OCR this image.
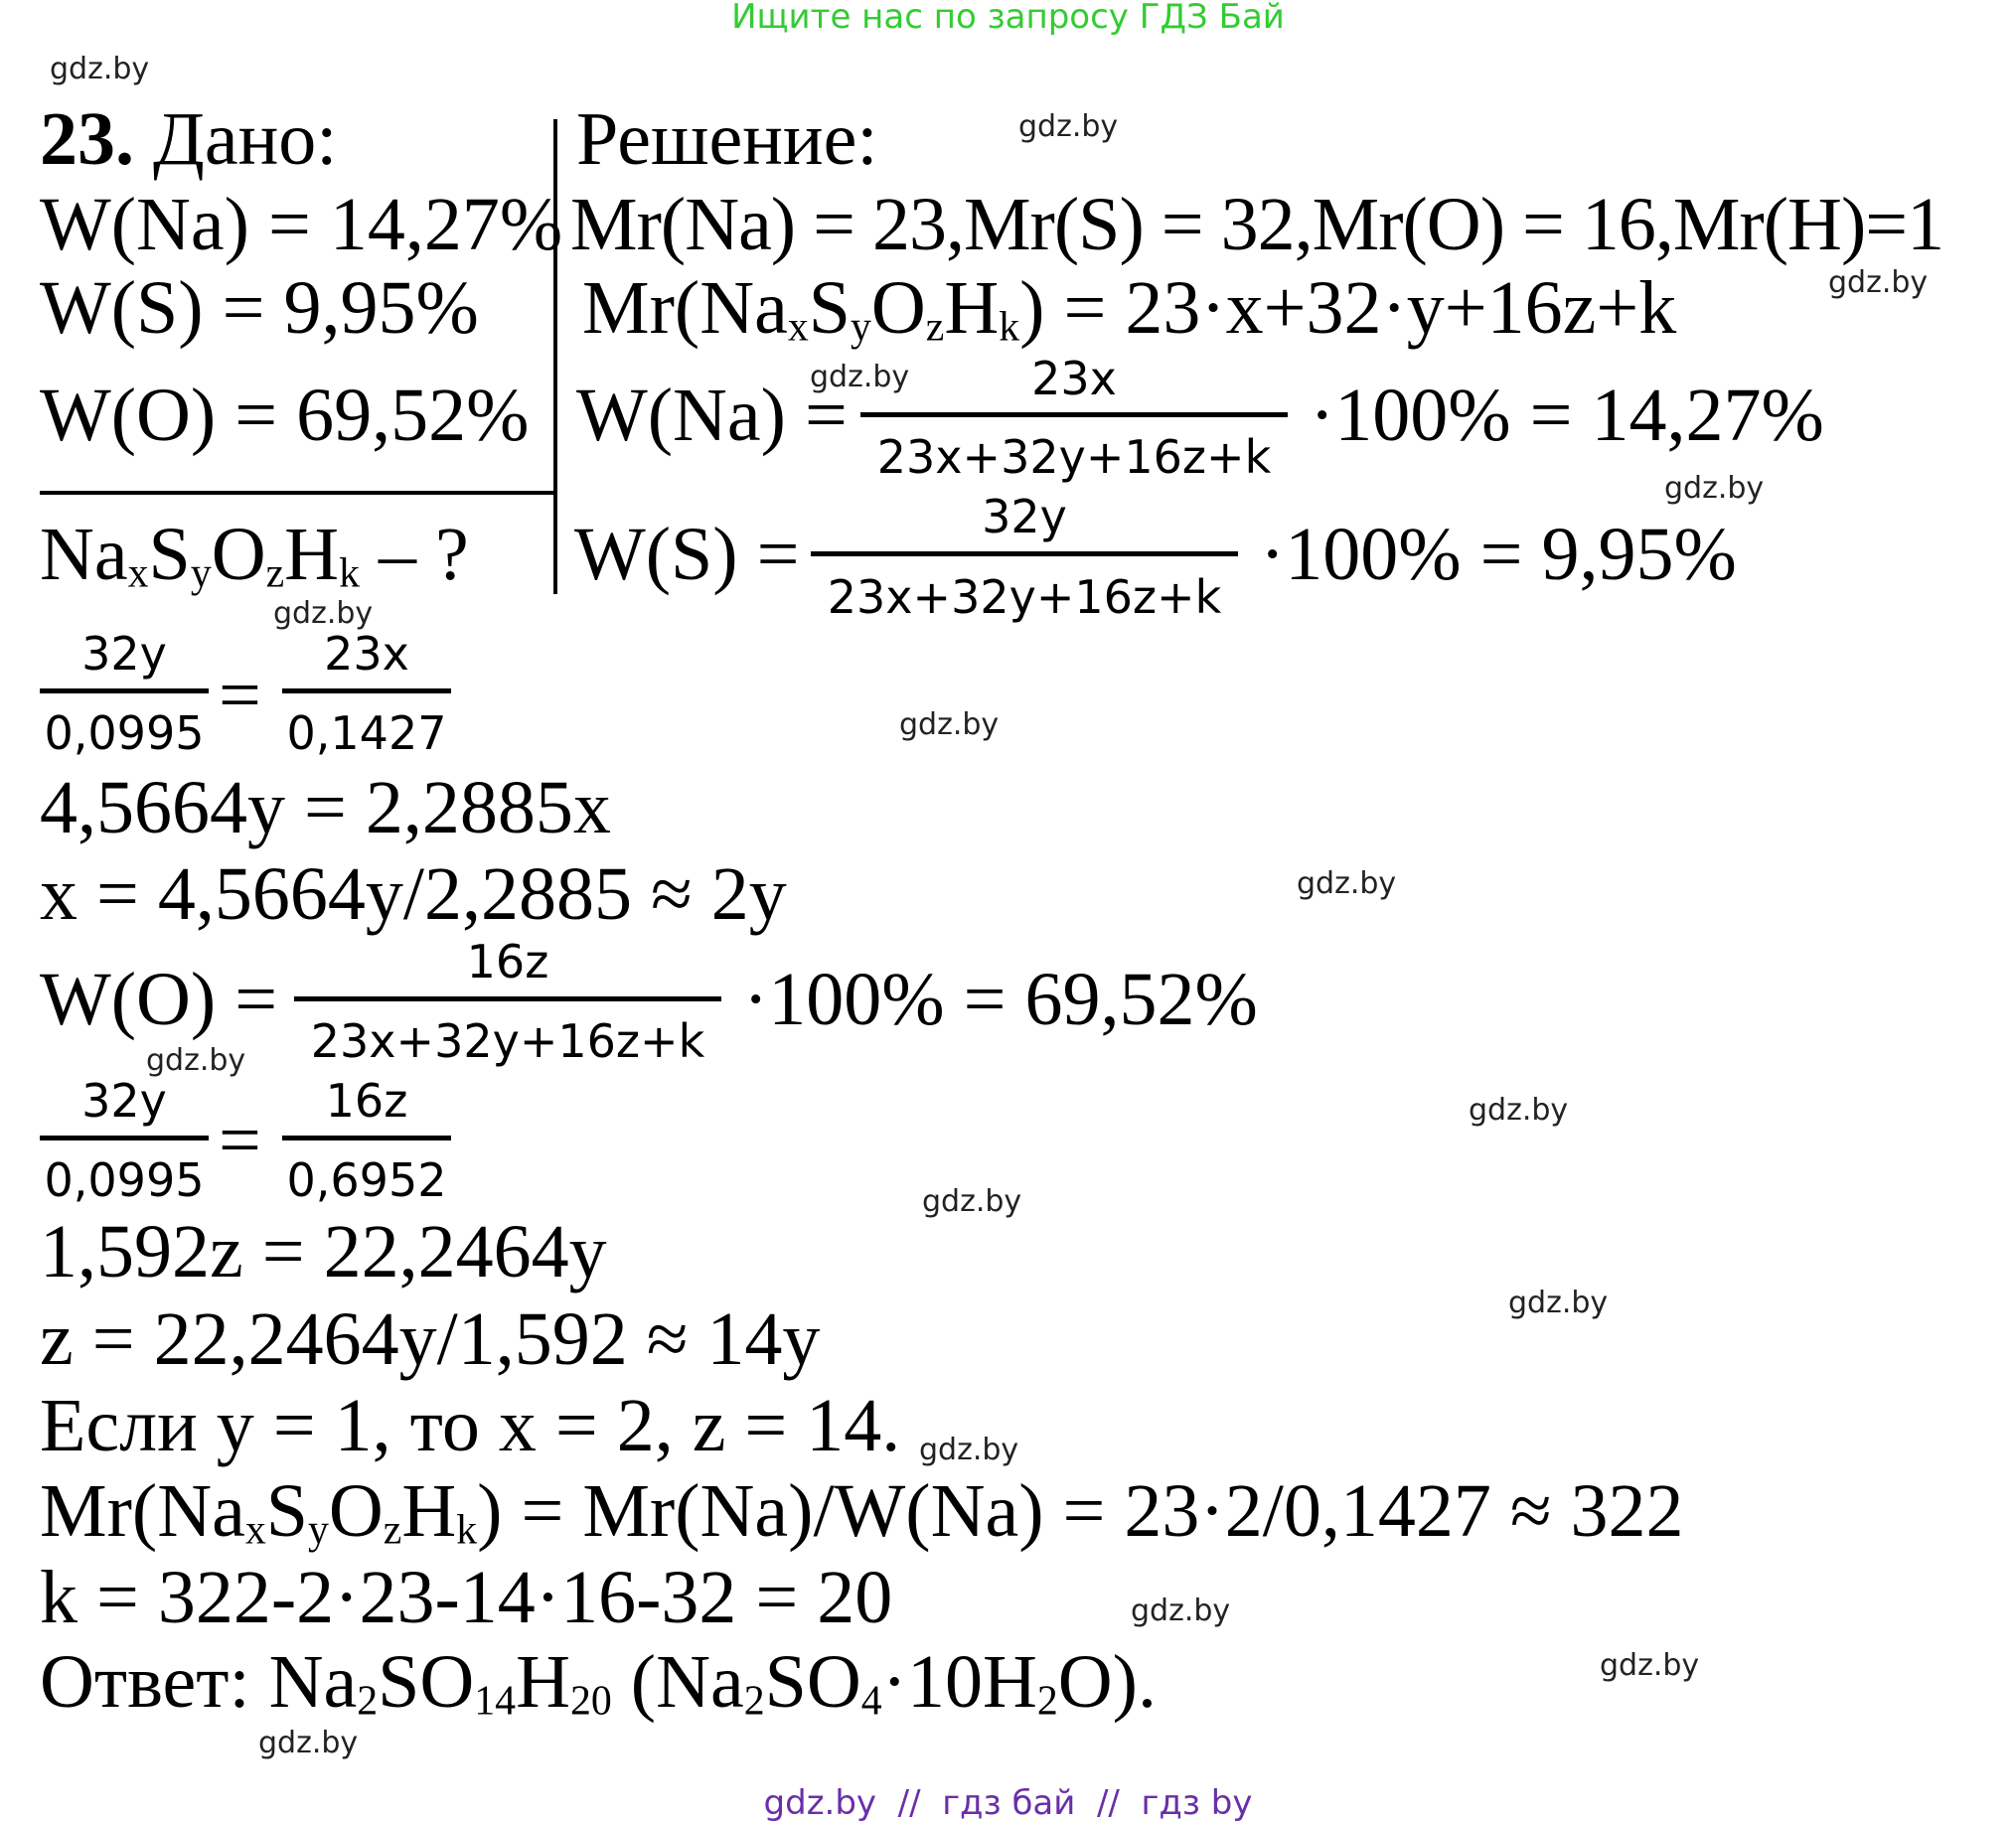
Ищите нас по запросу ГДЗ Бай
gdz.by
gdz.by
gdz.by
gdz.by
gdz.by
gdz.by
gdz.by
gdz.by
gdz.by
gdz.by
gdz.by
gdz.by
gdz.by
gdz.by
gdz.by
gdz.by
23. Дано:	Решение:
W(Na) = 14,27%
W(S) = 9,95%
W(O) = 69,52%
$Na_xS_yO_zH_k$ – ?
Mr(Na) = 23,Mr(S) = 32,Mr(O) = 16,Mr(H)=1
$Mr(Na_xS_yO_zH_k) = 23\cdot x+32\cdot y+16z+k$
W(Na) =	23x
23x+32y+16z+k ·100% = 14,27%
W(S) =	32y
23x+32y+16z+k
·100% = 9,95%
32y
0,0995 =	23x
0,1427
4,5664y = 2,2885x
x = 4,5664y/2,2885 ≈ 2y
W(O) =	16z
23x+32y+16z+k ·100% = 69,52%
32y
0,0995 =	16z
0,6952
1,592z = 22,2464y
z = 22,2464y/1,592 ≈ 14y
Если y = 1, то x = 2, z = 14.
$Mr(Na_xS_yO_zH_k) = Mr(Na)/W(Na) = 23\cdot 2/0,1427 \approx 322$
k = 322-2·23-14·16-32 = 20
Ответ: $Na_2SO_{14}H_{20}$ $(Na_2SO_4\cdot 10H_2O)$.
gdz.by  //  гдз бай  //  гдз by
